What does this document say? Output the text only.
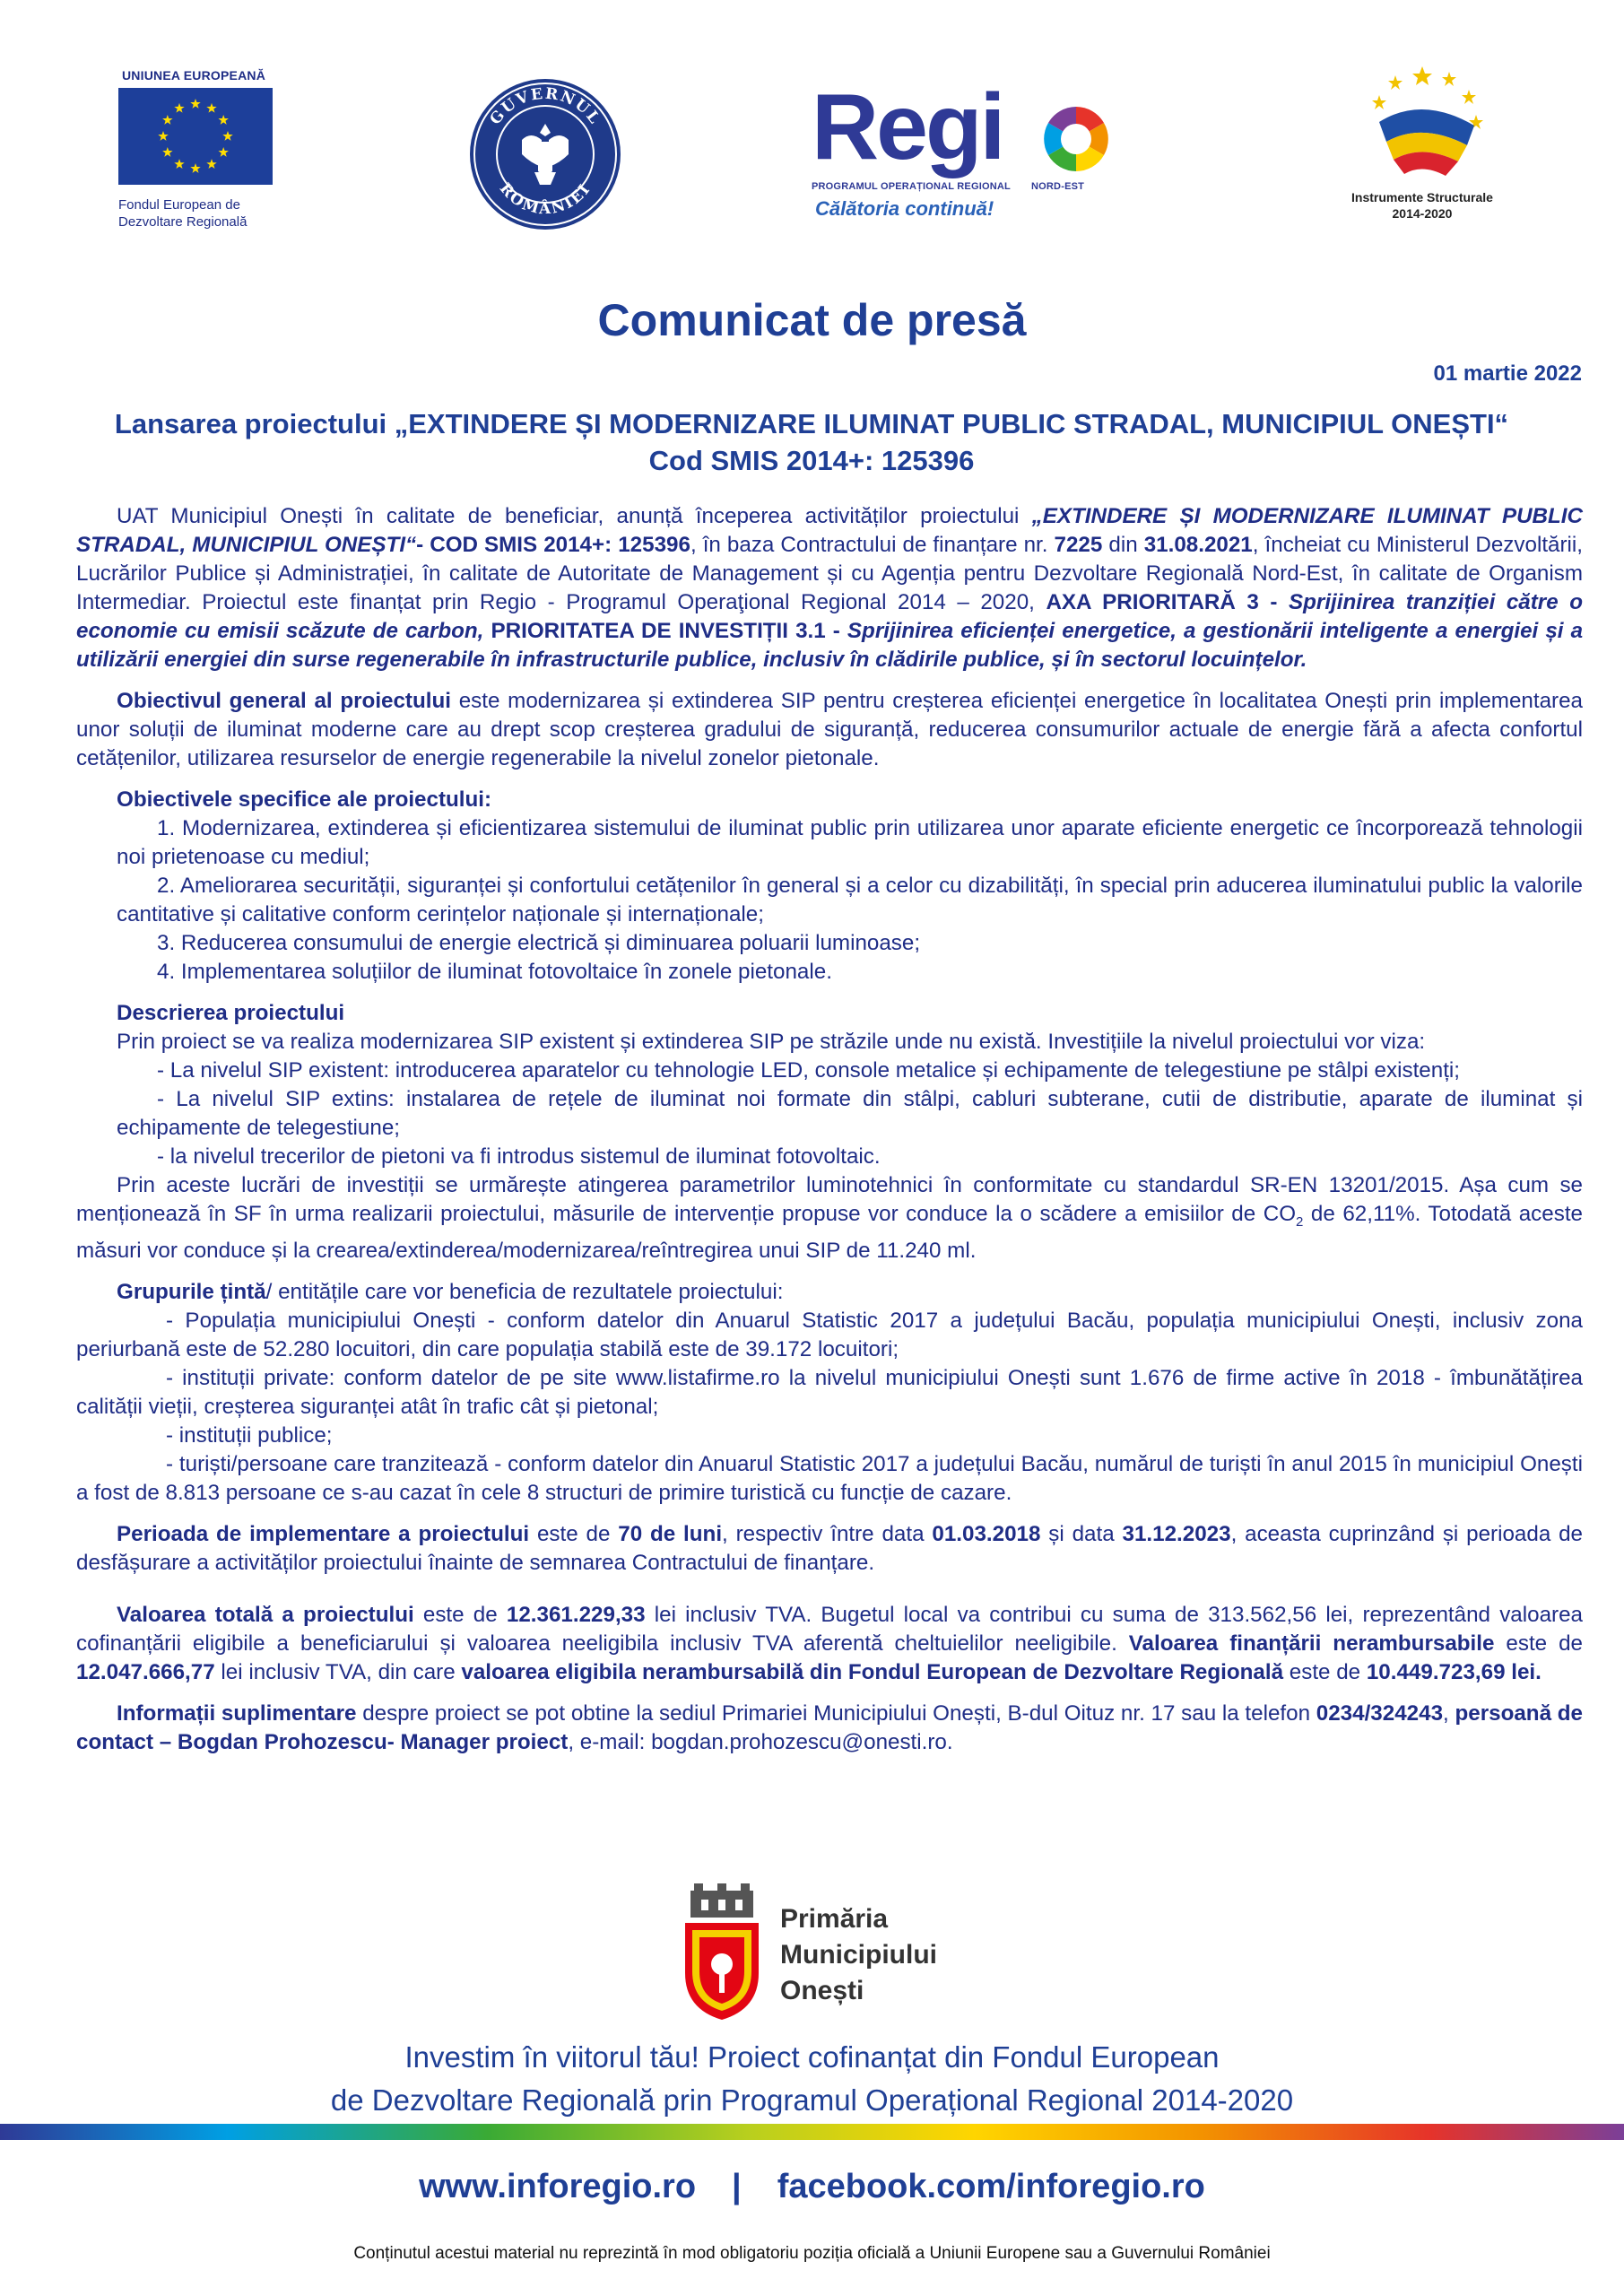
UNIUNEA EUROPEANĂ
Fondul European de
Dezvoltare Regională
GUVERNUL
ROMÂNIEI
Regi
PROGRAMUL OPERAȚIONAL REGIONAL NORD-EST
Călătoria continuă!	Instrumente Structurale
2014-2020
Comunicat de presă
01 martie 2022
Lansarea proiectului „EXTINDERE ȘI MODERNIZARE ILUMINAT PUBLIC STRADAL, MUNICIPIUL ONEȘTI“
Cod SMIS 2014+: 125396

UAT Municipiul Onești în calitate de beneficiar, anunță începerea activităților proiectului „EXTINDERE ȘI MODERNIZARE ILUMINAT PUBLIC STRADAL, MUNICIPIUL ONEȘTI“- COD SMIS 2014+: 125396, în baza Contractului de finanțare nr. 7225 din 31.08.2021, încheiat cu Ministerul Dezvoltării, Lucrărilor Publice și Administrației, în calitate de Autoritate de Management și cu Agenția pentru Dezvoltare Regională Nord-Est, în calitate de Organism Intermediar. Proiectul este finanțat prin Regio - Programul Operaţional Regional 2014 – 2020, AXA PRIORITARĂ 3 - Sprijinirea tranziției către o economie cu emisii scăzute de carbon, PRIORITATEA DE INVESTIȚII 3.1 - Sprijinirea eficienței energetice, a gestionării inteligente a energiei și a utilizării energiei din surse regenerabile în infrastructurile publice, inclusiv în clădirile publice, și în sectorul locuințelor.

Obiectivul general al proiectului este modernizarea și extinderea SIP pentru creșterea eficienței energetice în localitatea Onești prin implementarea unor soluții de iluminat moderne care au drept scop creșterea gradului de siguranță, reducerea consumurilor actuale de energie fără a afecta confortul cetățenilor, utilizarea resurselor de energie regenerabile la nivelul zonelor pietonale.

Obiectivele specifice ale proiectului:

1. Modernizarea, extinderea și eficientizarea sistemului de iluminat public prin utilizarea unor aparate eficiente energetic ce încorporează tehnologii noi prietenoase cu mediul;

2. Ameliorarea securității, siguranței și confortului cetățenilor în general și a celor cu dizabilități, în special prin aducerea iluminatului public la valorile cantitative și calitative conform cerințelor naționale și internaționale;

3. Reducerea consumului de energie electrică și diminuarea poluarii luminoase;

4. Implementarea soluțiilor de iluminat fotovoltaice în zonele pietonale.

Descrierea proiectului

Prin proiect se va realiza modernizarea SIP existent și extinderea SIP pe străzile unde nu există. Investițiile la nivelul proiectului vor viza:

- La nivelul SIP existent: introducerea aparatelor cu tehnologie LED, console metalice și echipamente de telegestiune pe stâlpi existenți;

- La nivelul SIP extins: instalarea de rețele de iluminat noi formate din stâlpi, cabluri subterane, cutii de distributie, aparate de iluminat și echipamente de telegestiune;

- la nivelul trecerilor de pietoni va fi introdus sistemul de iluminat fotovoltaic.

Prin aceste lucrări de investiții se urmărește atingerea parametrilor luminotehnici în conformitate cu standardul SR-EN 13201/2015. Așa cum se menționează în SF în urma realizarii proiectului, măsurile de intervenție propuse vor conduce la o scădere a emisiilor de $CO_2$ de 62,11%. Totodată aceste măsuri vor conduce și la crearea/extinderea/modernizarea/reîntregirea unui SIP de 11.240 ml.

Grupurile țintă/ entitățile care vor beneficia de rezultatele proiectului:

- Populația municipiului Onești - conform datelor din Anuarul Statistic 2017 a județului Bacău, populația municipiului Onești, inclusiv zona periurbană este de 52.280 locuitori, din care populația stabilă este de 39.172 locuitori;

- instituții private: conform datelor de pe site www.listafirme.ro la nivelul municipiului Onești sunt 1.676 de firme active în 2018 - îmbunătățirea calității vieții, creșterea siguranței atât în trafic cât și pietonal;

- instituții publice;

- turiști/persoane care tranzitează - conform datelor din Anuarul Statistic 2017 a județului Bacău, numărul de turiști în anul 2015 în municipiul Onești a fost de 8.813 persoane ce s-au cazat în cele 8 structuri de primire turistică cu funcție de cazare.

Perioada de implementare a proiectului este de 70 de luni, respectiv între data 01.03.2018 și data 31.12.2023, aceasta cuprinzând și perioada de desfășurare a activităților proiectului înainte de semnarea Contractului de finanțare.

Valoarea totală a proiectului este de 12.361.229,33 lei inclusiv TVA. Bugetul local va contribui cu suma de 313.562,56 lei, reprezentând valoarea cofinanțării eligibile a beneficiarului și valoarea neeligibila inclusiv TVA aferentă cheltuielilor neeligibile. Valoarea finanțării nerambursabile este de 12.047.666,77 lei inclusiv TVA, din care valoarea eligibila nerambursabilă din Fondul European de Dezvoltare Regională este de 10.449.723,69 lei.

Informații suplimentare despre proiect se pot obtine la sediul Primariei Municipiului Onești, B-dul Oituz nr. 17 sau la telefon 0234/324243, persoană de contact – Bogdan Prohozescu- Manager proiect, e-mail: bogdan.prohozescu@onesti.ro.

Primăria
Municipiului
Onești
Investim în viitorul tău! Proiect cofinanțat din Fondul European
de Dezvoltare Regională prin Programul Operațional Regional 2014-2020
www.inforegio.ro | facebook.com/inforegio.ro
Conținutul acestui material nu reprezintă în mod obligatoriu poziția oficială a Uniunii Europene sau a Guvernului României
